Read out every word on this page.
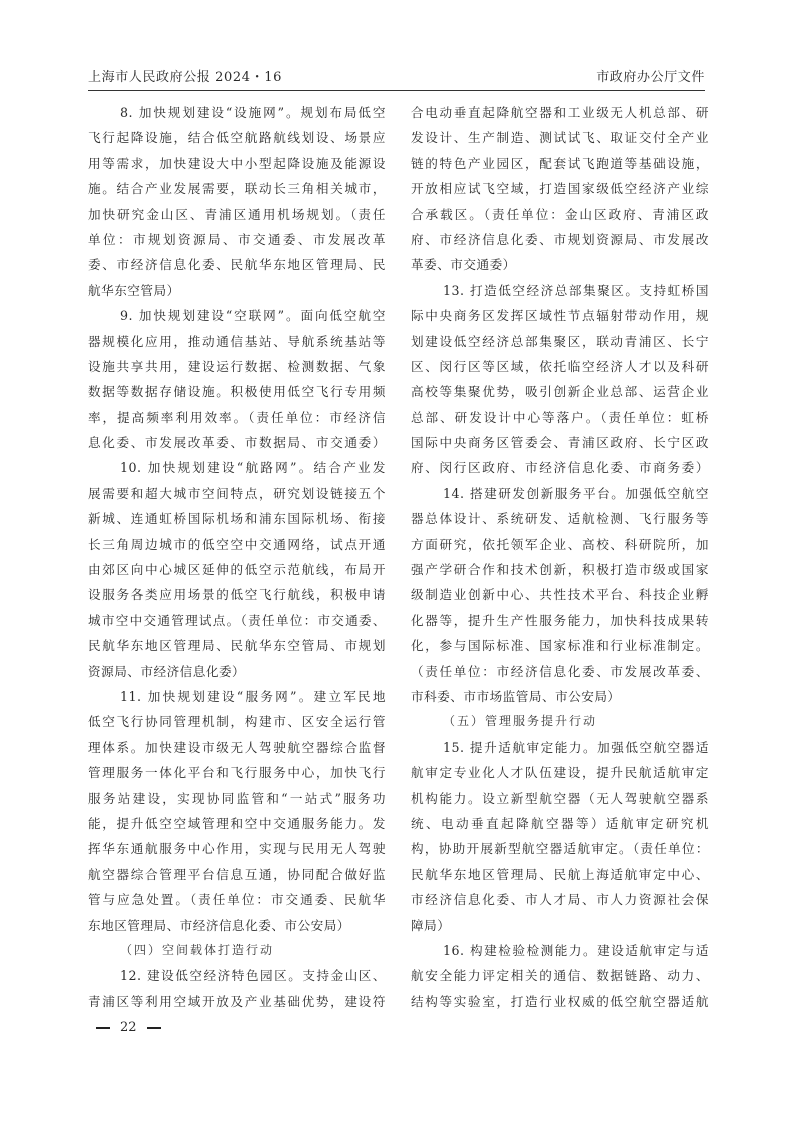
上海市人民政府公报 2024・16	市政府办公厅文件
8. 加快规划建设“设施网”。规划布局低空
飞行起降设施，结合低空航路航线划设、场景应
用等需求，加快建设大中小型起降设施及能源设
施。结合产业发展需要，联动长三角相关城市，
加快研究金山区、青浦区通用机场规划。（责任
单位：市规划资源局、市交通委、市发展改革
委、市经济信息化委、民航华东地区管理局、民
航华东空管局）
9. 加快规划建设“空联网”。面向低空航空
器规模化应用，推动通信基站、导航系统基站等
设施共享共用，建设运行数据、检测数据、气象
数据等数据存储设施。积极使用低空飞行专用频
率，提高频率利用效率。（责任单位：市经济信
息化委、市发展改革委、市数据局、市交通委）
10. 加快规划建设“航路网”。结合产业发
展需要和超大城市空间特点，研究划设链接五个
新城、连通虹桥国际机场和浦东国际机场、衔接
长三角周边城市的低空空中交通网络，试点开通
由郊区向中心城区延伸的低空示范航线，布局开
设服务各类应用场景的低空飞行航线，积极申请
城市空中交通管理试点。（责任单位：市交通委、
民航华东地区管理局、民航华东空管局、市规划
资源局、市经济信息化委）
11. 加快规划建设“服务网”。建立军民地
低空飞行协同管理机制，构建市、区安全运行管
理体系。加快建设市级无人驾驶航空器综合监督
管理服务一体化平台和飞行服务中心，加快飞行
服务站建设，实现协同监管和“一站式”服务功
能，提升低空空域管理和空中交通服务能力。发
挥华东通航服务中心作用，实现与民用无人驾驶
航空器综合管理平台信息互通，协同配合做好监
管与应急处置。（责任单位：市交通委、民航华
东地区管理局、市经济信息化委、市公安局）
（四）空间载体打造行动
12. 建设低空经济特色园区。支持金山区、
青浦区等利用空域开放及产业基础优势，建设符
合电动垂直起降航空器和工业级无人机总部、研
发设计、生产制造、测试试飞、取证交付全产业
链的特色产业园区，配套试飞跑道等基础设施，
开放相应试飞空域，打造国家级低空经济产业综
合承载区。（责任单位：金山区政府、青浦区政
府、市经济信息化委、市规划资源局、市发展改
革委、市交通委）
13. 打造低空经济总部集聚区。支持虹桥国
际中央商务区发挥区域性节点辐射带动作用，规
划建设低空经济总部集聚区，联动青浦区、长宁
区、闵行区等区域，依托临空经济人才以及科研
高校等集聚优势，吸引创新企业总部、运营企业
总部、研发设计中心等落户。（责任单位：虹桥
国际中央商务区管委会、青浦区政府、长宁区政
府、闵行区政府、市经济信息化委、市商务委）
14. 搭建研发创新服务平台。加强低空航空
器总体设计、系统研发、适航检测、飞行服务等
方面研究，依托领军企业、高校、科研院所，加
强产学研合作和技术创新，积极打造市级或国家
级制造业创新中心、共性技术平台、科技企业孵
化器等，提升生产性服务能力，加快科技成果转
化，参与国际标准、国家标准和行业标准制定。
（责任单位：市经济信息化委、市发展改革委、
市科委、市市场监管局、市公安局）
（五）管理服务提升行动
15. 提升适航审定能力。加强低空航空器适
航审定专业化人才队伍建设，提升民航适航审定
机构能力。设立新型航空器（无人驾驶航空器系
统、电动垂直起降航空器等）适航审定研究机
构，协助开展新型航空器适航审定。（责任单位：
民航华东地区管理局、民航上海适航审定中心、
市经济信息化委、市人才局、市人力资源社会保
障局）
16. 构建检验检测能力。建设适航审定与适
航安全能力评定相关的通信、数据链路、动力、
结构等实验室，打造行业权威的低空航空器适航
22
